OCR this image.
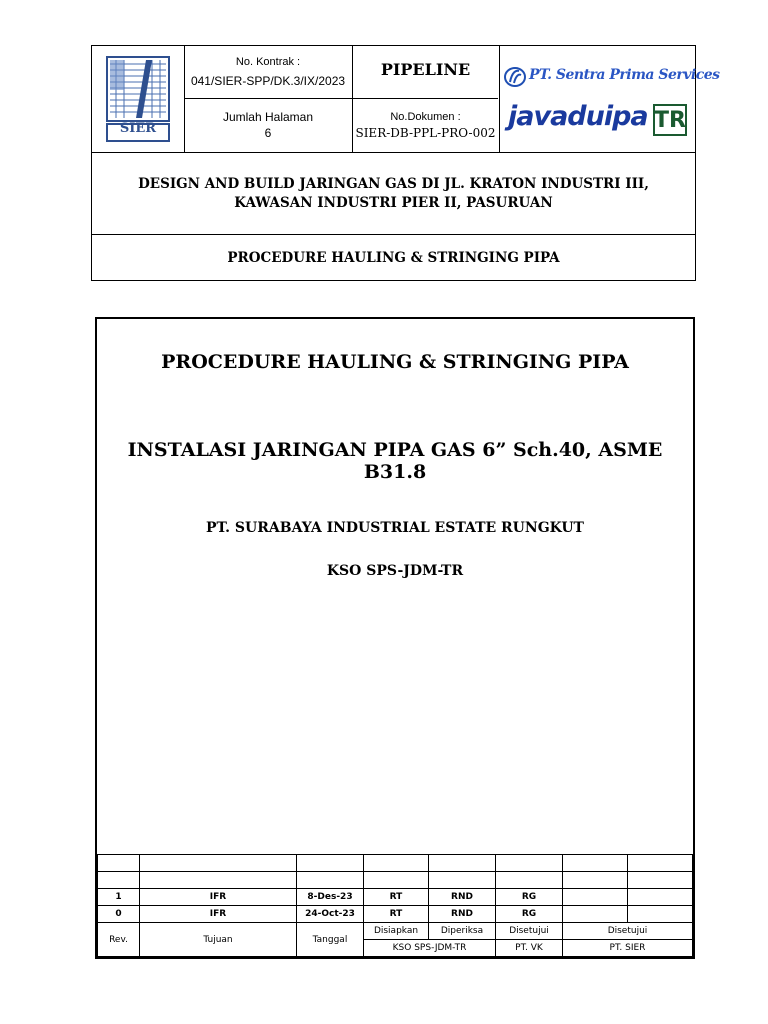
SIER
No. Kontrak :
041/SIER-SPP/DK.3/IX/2023
Jumlah Halaman
6
PIPELINE
No.Dokumen :
SIER-DB-PPL-PRO-002
PT. Sentra Prima Services
javaduipa TR
DESIGN AND BUILD JARINGAN GAS DI JL. KRATON INDUSTRI III,
KAWASAN INDUSTRI PIER II, PASURUAN
PROCEDURE HAULING & STRINGING PIPA
PROCEDURE HAULING & STRINGING PIPA
INSTALASI JARINGAN PIPA GAS 6” Sch.40, ASME B31.8
PT. SURABAYA INDUSTRIAL ESTATE RUNGKUT
KSO SPS-JDM-TR

1	IFR	8-Des-23	RT	RND	RG		
0	IFR	24-Oct-23	RT	RND	RG		
Rev.	Tujuan	Tanggal	Disiapkan	Diperiksa	Disetujui	Disetujui	
			KSO SPS-JDM-TR		PT. VK	PT. SIER	
